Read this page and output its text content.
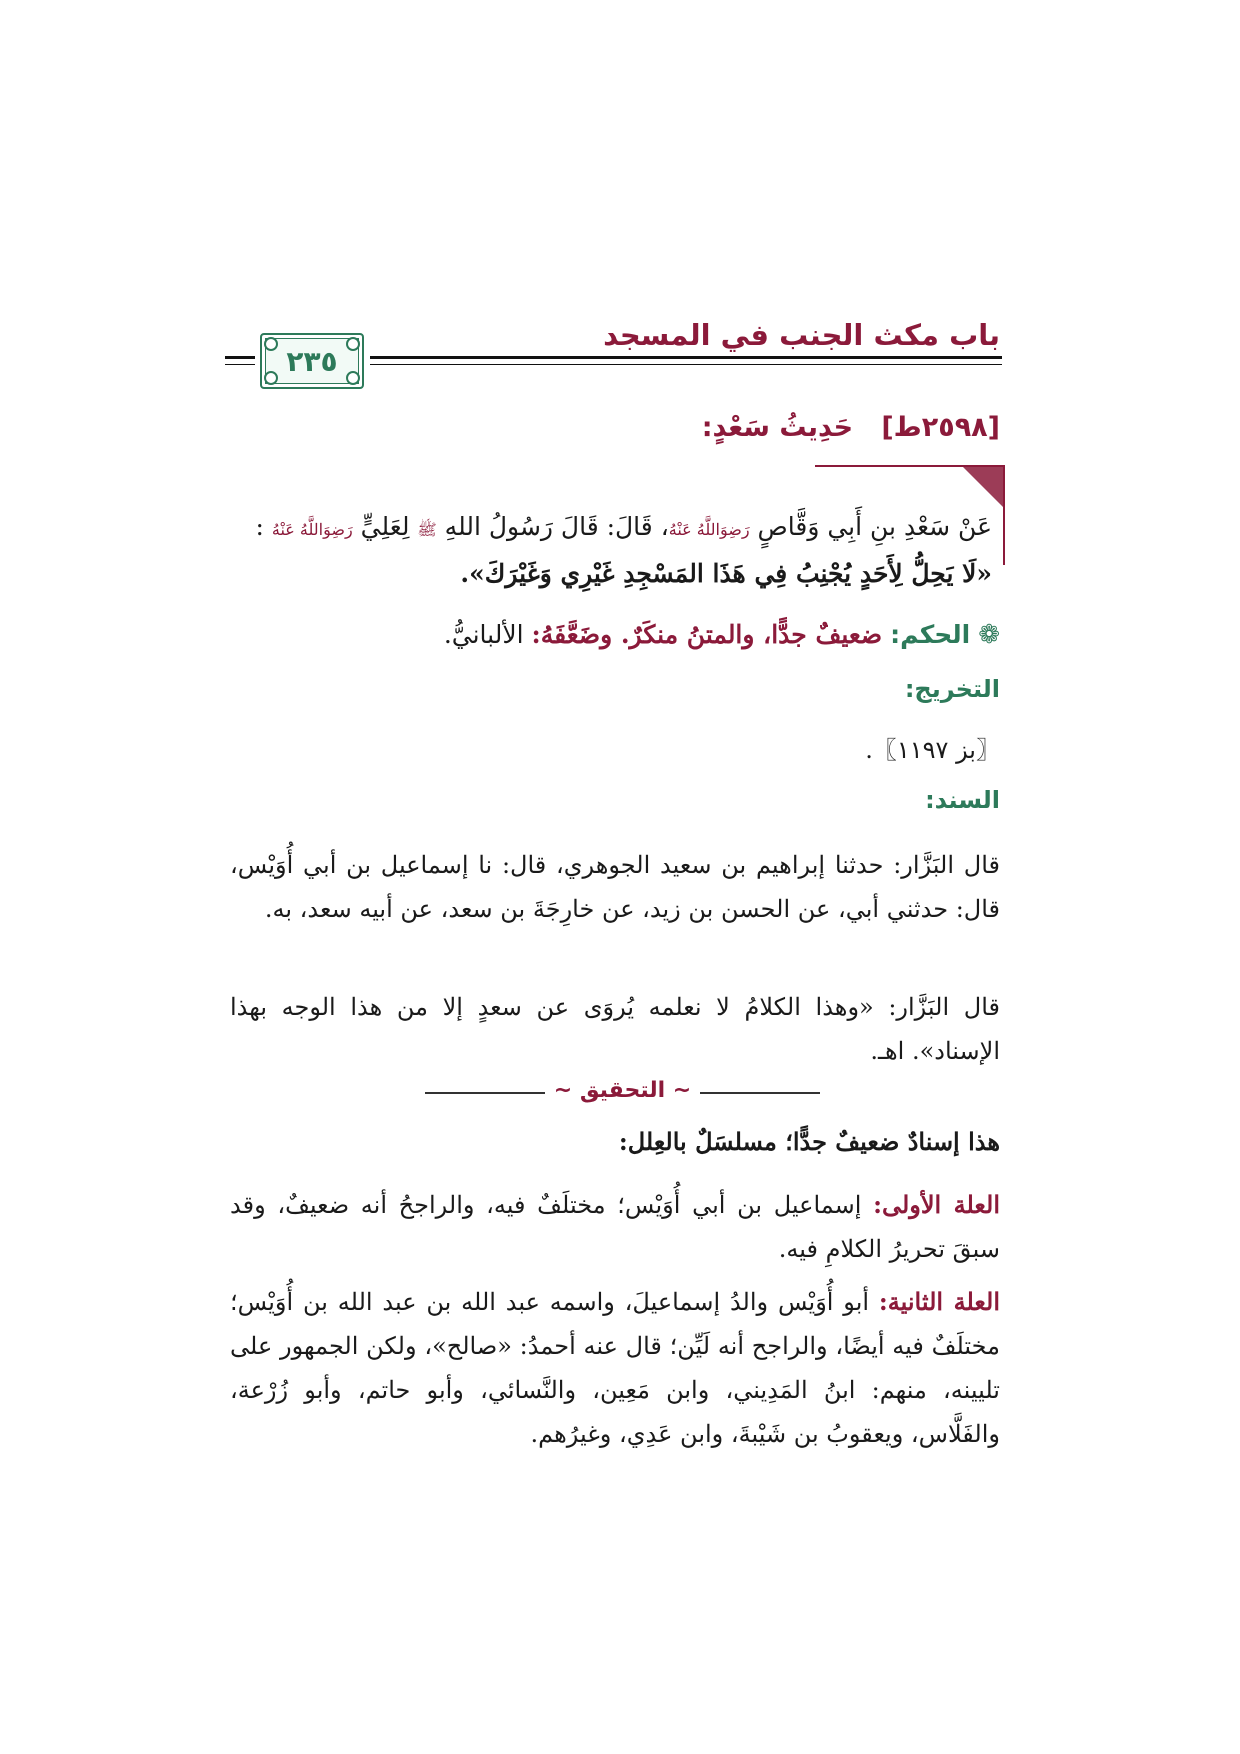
باب مكث الجنب في المسجد
٢٣٥
[٢٥٩٨ط]   حَدِيثُ سَعْدٍ:
عَنْ سَعْدِ بنِ أَبِي وَقَّاصٍ رَضِوَاللَّهُ عَنْهُ، قَالَ: قَالَ رَسُولُ اللهِ ﷺ لِعَلِيٍّ رَضِوَاللَّهُ عَنْهُ :
«لَا يَحِلُّ لِأَحَدٍ يُجْنِبُ فِي هَذَا المَسْجِدِ غَيْرِي وَغَيْرَكَ».
❁ الحكم: ضعيفٌ جدًّا، والمتنُ منكَرٌ. وضَعَّفَهُ: الألبانيُّ.
التخريج:
〖بز ١١٩٧〗.
السند:
قال البَزَّار: حدثنا إبراهيم بن سعيد الجوهري، قال: نا إسماعيل بن أبي أُوَيْس، قال: حدثني أبي، عن الحسن بن زيد، عن خارِجَةَ بن سعد، عن أبيه سعد، به.
قال البَزَّار: «وهذا الكلامُ لا نعلمه يُروَى عن سعدٍ إلا من هذا الوجه بهذا الإسناد». اهـ.
~ التحقيق ~
هذا إسنادٌ ضعيفٌ جدًّا؛ مسلسَلٌ بالعِلل:
العلة الأولى: إسماعيل بن أبي أُوَيْس؛ مختلَفٌ فيه، والراجحُ أنه ضعيفٌ، وقد سبقَ تحريرُ الكلامِ فيه.
العلة الثانية: أبو أُوَيْس والدُ إسماعيلَ، واسمه عبد الله بن عبد الله بن أُوَيْس؛ مختلَفٌ فيه أيضًا، والراجح أنه لَيِّن؛ قال عنه أحمدُ: «صالح»، ولكن الجمهور على تليينه، منهم: ابنُ المَدِيني، وابن مَعِين، والنَّسائي، وأبو حاتم، وأبو زُرْعة، والفَلَّاس، ويعقوبُ بن شَيْبةَ، وابن عَدِي، وغيرُهم.
